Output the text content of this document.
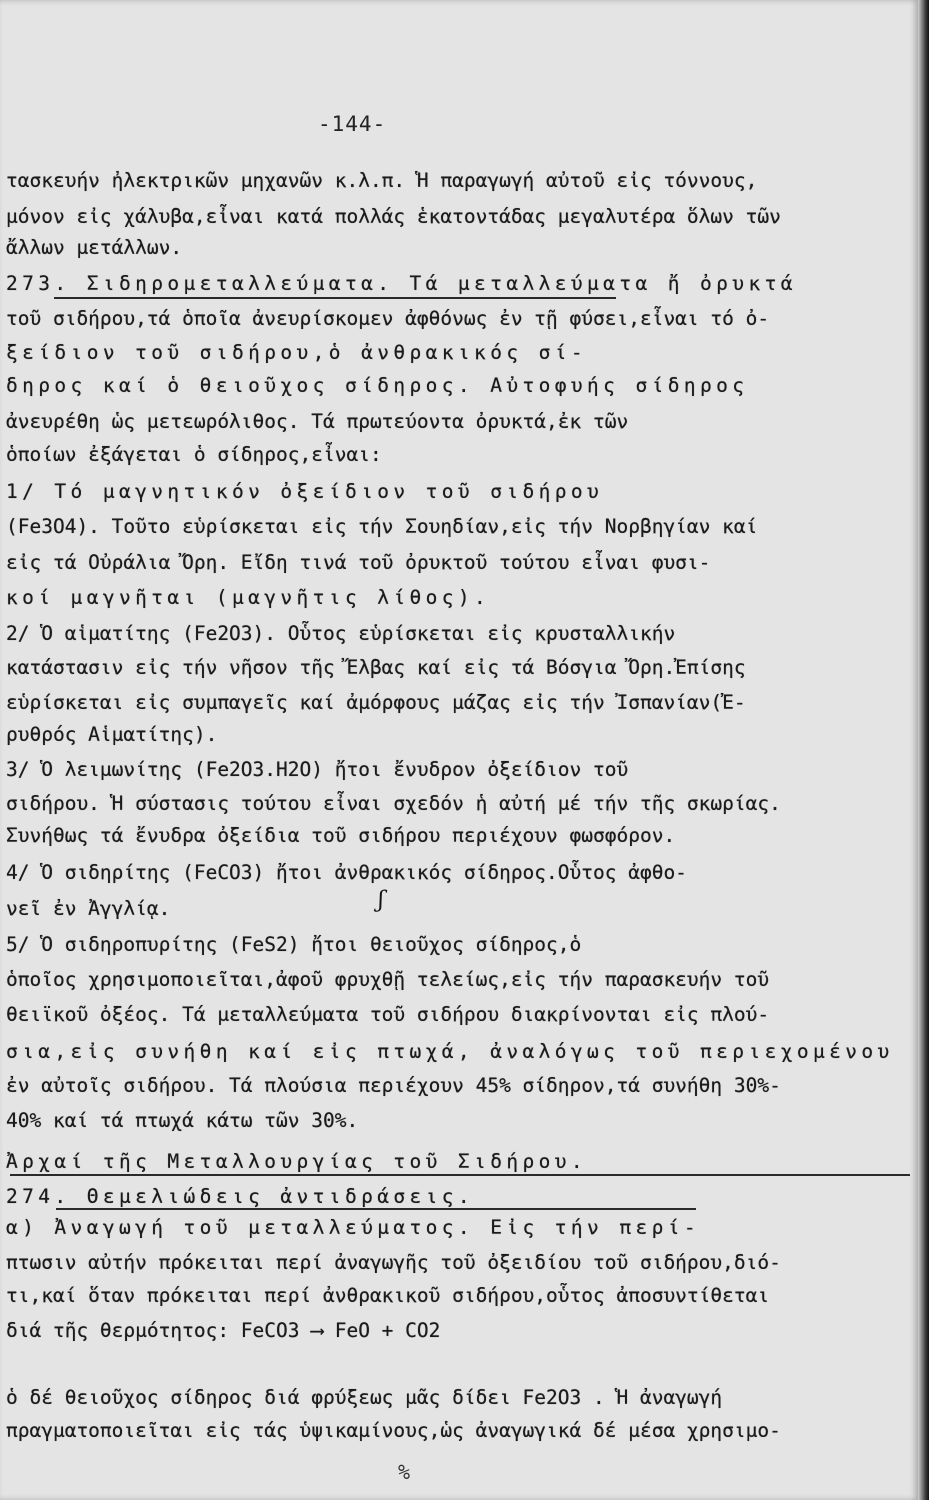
-144-
τασκευήν ἠλεκτρικῶν μηχανῶν κ.λ.π. Ἡ παραγωγή αὐτοῦ εἰς τόννους,
μόνον εἰς χάλυβα,εἶναι κατά πολλάς ἑκατοντάδας μεγαλυτέρα ὅλων τῶν
ἄλλων μετάλλων.
273. Σιδηρομεταλλεύματα. Τά μεταλλεύματα ἤ ὀρυκτά
τοῦ σιδήρου,τά ὁποῖα ἀνευρίσκομεν ἀφθόνως ἐν τῇ φύσει,εἶναι τό ὀ-
ξείδιον τοῦ σιδήρου,ὁ ἀνθρακικός σί-
δηρος καί ὁ θειοῦχος σίδηρος. Αὐτοφυής σίδηρος
ἀνευρέθη ὡς μετεωρόλιθος. Τά πρωτεύοντα ὀρυκτά,ἐκ τῶν
ὁποίων ἐξάγεται ὁ σίδηρος,εἶναι:
1/ Τό μαγνητικόν ὀξείδιον τοῦ σιδήρου
(Fe3O4). Τοῦτο εὑρίσκεται εἰς τήν Σουηδίαν,εἰς τήν Νορβηγίαν καί
εἰς τά Οὐράλια Ὄρη. Εἴδη τινά τοῦ ὀρυκτοῦ τούτου εἶναι φυσι-
κοί μαγνῆται (μαγνῆτις λίθος).
2/ Ὁ αἱματίτης (Fe2O3). Οὗτος εὑρίσκεται εἰς κρυσταλλικήν
κατάστασιν εἰς τήν νῆσον τῆς Ἔλβας καί εἰς τά Βόσγια Ὄρη.Ἐπίσης
εὑρίσκεται εἰς συμπαγεῖς καί ἀμόρφους μάζας εἰς τήν Ἰσπανίαν(Ἐ-
ρυθρός Αἱματίτης).
3/ Ὁ λειμωνίτης (Fe2O3.H2O) ἤτοι ἔνυδρον ὀξείδιον τοῦ
σιδήρου. Ἡ σύστασις τούτου εἶναι σχεδόν ἡ αὐτή μέ τήν τῆς σκωρίας.
Συνήθως τά ἔνυδρα ὀξείδια τοῦ σιδήρου περιέχουν φωσφόρον.
4/ Ὁ σιδηρίτης (FeCO3) ἤτοι ἀνθρακικός σίδηρος.Οὗτος ἀφθο-
νεῖ ἐν Ἀγγλίᾳ.
5/ Ὁ σιδηροπυρίτης (FeS2) ἤτοι θειοῦχος σίδηρος,ὁ
ὁποῖος χρησιμοποιεῖται,ἀφοῦ φρυχθῇ τελείως,εἰς τήν παρασκευήν τοῦ
θειϊκοῦ ὀξέος. Τά μεταλλεύματα τοῦ σιδήρου διακρίνονται εἰς πλού-
σια,εἰς συνήθη καί εἰς πτωχά, ἀναλόγως τοῦ περιεχομένου
ἐν αὐτοῖς σιδήρου. Τά πλούσια περιέχουν 45% σίδηρον,τά συνήθη 30%-
40% καί τά πτωχά κάτω τῶν 30%.
Ἀρχαί τῆς Μεταλλουργίας τοῦ Σιδήρου.
274. Θεμελιώδεις ἀντιδράσεις.
α) Ἀναγωγή τοῦ μεταλλεύματος. Εἰς τήν περί-
πτωσιν αὐτήν πρόκειται περί ἀναγωγῆς τοῦ ὀξειδίου τοῦ σιδήρου,διό-
τι,καί ὅταν πρόκειται περί ἀνθρακικοῦ σιδήρου,οὗτος ἀποσυντίθεται
διά τῆς θερμότητος: FeCO3 ⟶ FeO + CO2
ὁ δέ θειοῦχος σίδηρος διά φρύξεως μᾶς δίδει Fe2O3 . Ἡ ἀναγωγή
πραγματοποιεῖται εἰς τάς ὑψικαμίνους,ὡς ἀναγωγικά δέ μέσα χρησιμο-
ʃ
%
